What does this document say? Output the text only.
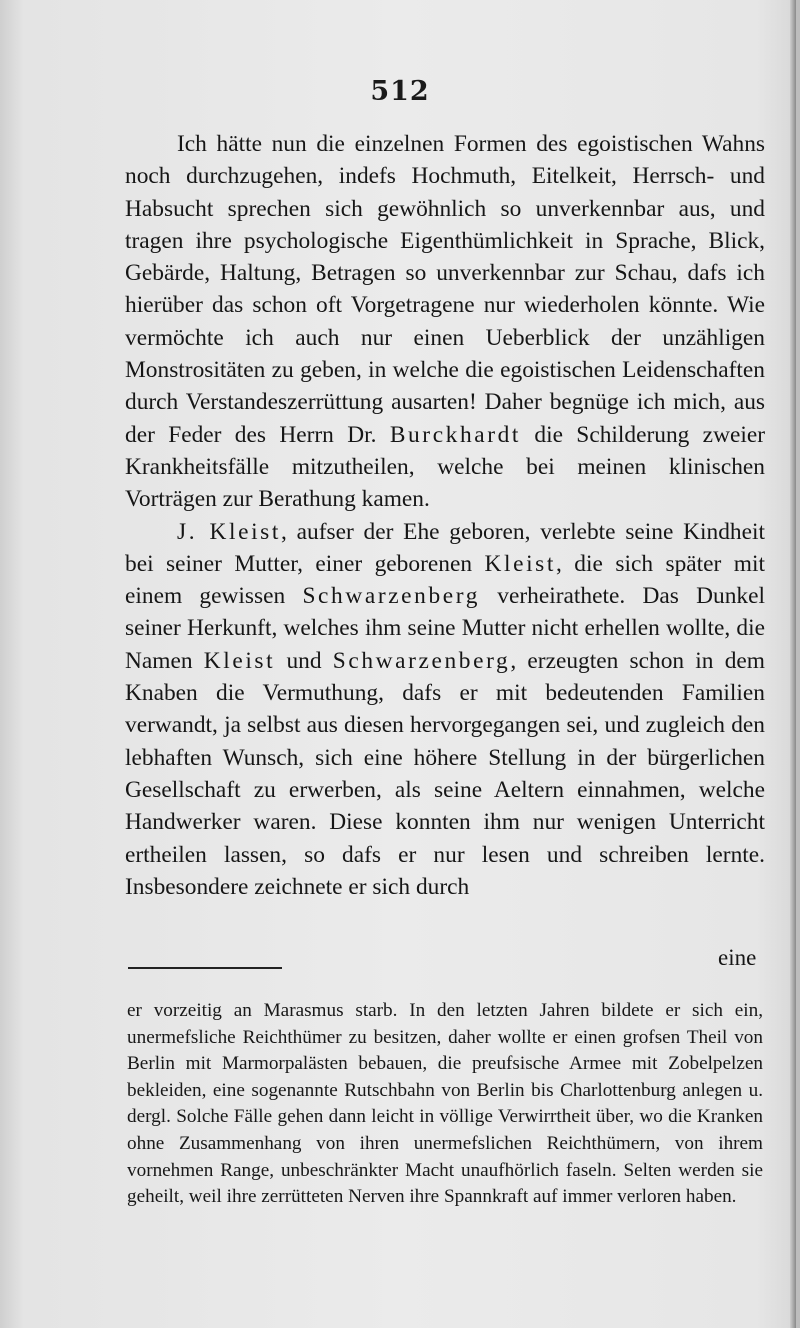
512

Ich hätte nun die einzelnen Formen des egoistischen Wahns noch durchzugehen, indefs Hochmuth, Eitelkeit, Herrsch- und Habsucht sprechen sich gewöhnlich so unverkennbar aus, und tragen ihre psychologische Eigenthümlichkeit in Sprache, Blick, Gebärde, Haltung, Betragen so unverkennbar zur Schau, dafs ich hierüber das schon oft Vorgetragene nur wiederholen könnte. Wie vermöchte ich auch nur einen Ueberblick der unzähligen Monstrositäten zu geben, in welche die egoistischen Leidenschaften durch Verstandeszerrüttung ausarten! Daher begnüge ich mich, aus der Feder des Herrn Dr. Burckhardt die Schilderung zweier Krankheitsfälle mitzutheilen, welche bei meinen klinischen Vorträgen zur Berathung kamen.

J. Kleist, aufser der Ehe geboren, verlebte seine Kindheit bei seiner Mutter, einer geborenen Kleist, die sich später mit einem gewissen Schwarzenberg verheirathete. Das Dunkel seiner Herkunft, welches ihm seine Mutter nicht erhellen wollte, die Namen Kleist und Schwarzenberg, erzeugten schon in dem Knaben die Vermuthung, dafs er mit bedeutenden Familien verwandt, ja selbst aus diesen hervorgegangen sei, und zugleich den lebhaften Wunsch, sich eine höhere Stellung in der bürgerlichen Gesellschaft zu erwerben, als seine Aeltern einnahmen, welche Handwerker waren. Diese konnten ihm nur wenigen Unterricht ertheilen lassen, so dafs er nur lesen und schreiben lernte. Insbesondere zeichnete er sich durch

eine

er vorzeitig an Marasmus starb. In den letzten Jahren bildete er sich ein, unermefsliche Reichthümer zu besitzen, daher wollte er einen grofsen Theil von Berlin mit Marmorpalästen bebauen, die preufsische Armee mit Zobelpelzen bekleiden, eine sogenannte Rutschbahn von Berlin bis Charlottenburg anlegen u. dergl. Solche Fälle gehen dann leicht in völlige Verwirrtheit über, wo die Kranken ohne Zusammenhang von ihren unermefslichen Reichthümern, von ihrem vornehmen Range, unbeschränkter Macht unaufhörlich faseln. Selten werden sie geheilt, weil ihre zerrütteten Nerven ihre Spannkraft auf immer verloren haben.
